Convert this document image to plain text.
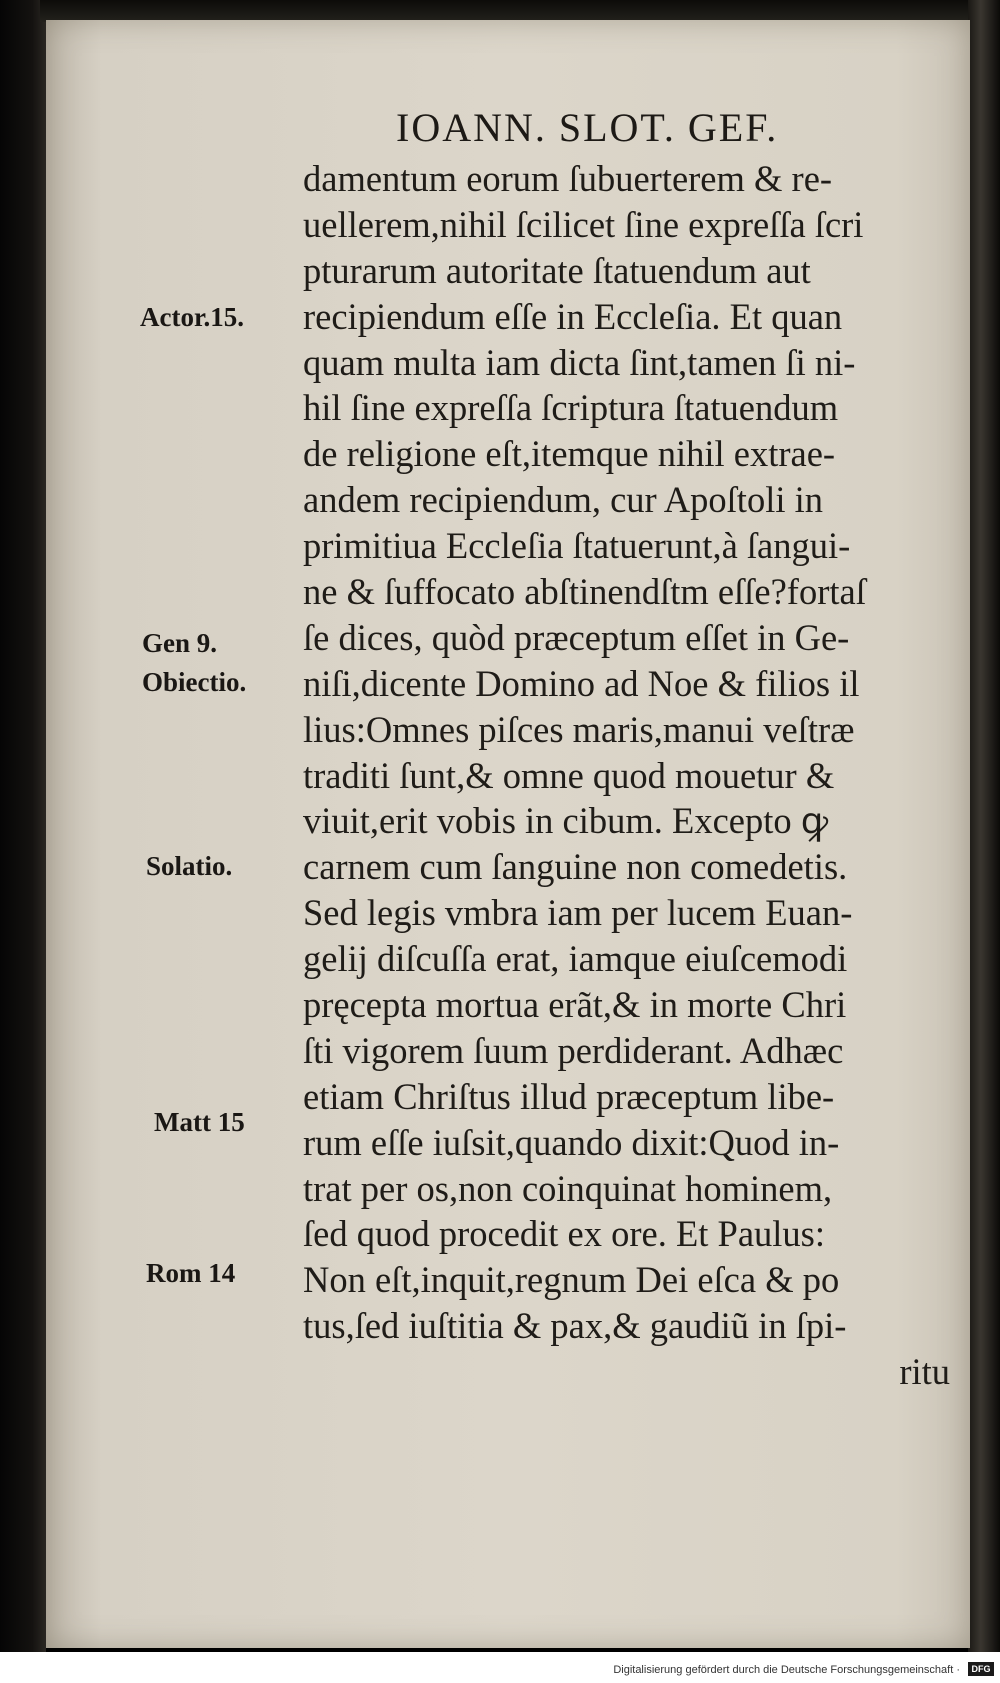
IOANN. SLOT. GEF.
damentum eorum ſubuerterem & re-
uellerem,nihil ſcilicet ſine expreſſa ſcri
pturarum autoritate ſtatuendum aut
recipiendum eſſe in Eccleſia. Et quan
quam multa iam dicta ſint,tamen ſi ni-
hil ſine expreſſa ſcriptura ſtatuendum
de religione eſt,itemque nihil extrae-
andem recipiendum, cur Apoſtoli in
primitiua Eccleſia ſtatuerunt,à ſangui-
ne & ſuffocato abſtinendſtm eſſe?fortaſ
ſe dices, quòd præceptum eſſet in Ge-
niſi,dicente Domino ad Noe & filios il
lius:Omnes piſces maris,manui veſtræ
traditi ſunt,& omne quod mouetur &
viuit,erit vobis in cibum. Excepto ꝙ
carnem cum ſanguine non comedetis.
Sed legis vmbra iam per lucem Euan-
gelij diſcuſſa erat, iamque eiuſcemodi
pręcepta mortua erãt,& in morte Chri
ſti vigorem ſuum perdiderant. Adhæc
etiam Chriſtus illud præceptum libe-
rum eſſe iuſsit,quando dixit:Quod in-
trat per os,non coinquinat hominem,
ſed quod procedit ex ore. Et Paulus:
Non eſt,inquit,regnum Dei eſca & po
tus,ſed iuſtitia & pax,& gaudiũ in ſpi-
ritu
Actor.15.
Gen 9.
Obiectio.
Solatio.
Matt 15
Rom 14
Digitalisierung gefördert durch die Deutsche Forschungsgemeinschaft ·	DFG
